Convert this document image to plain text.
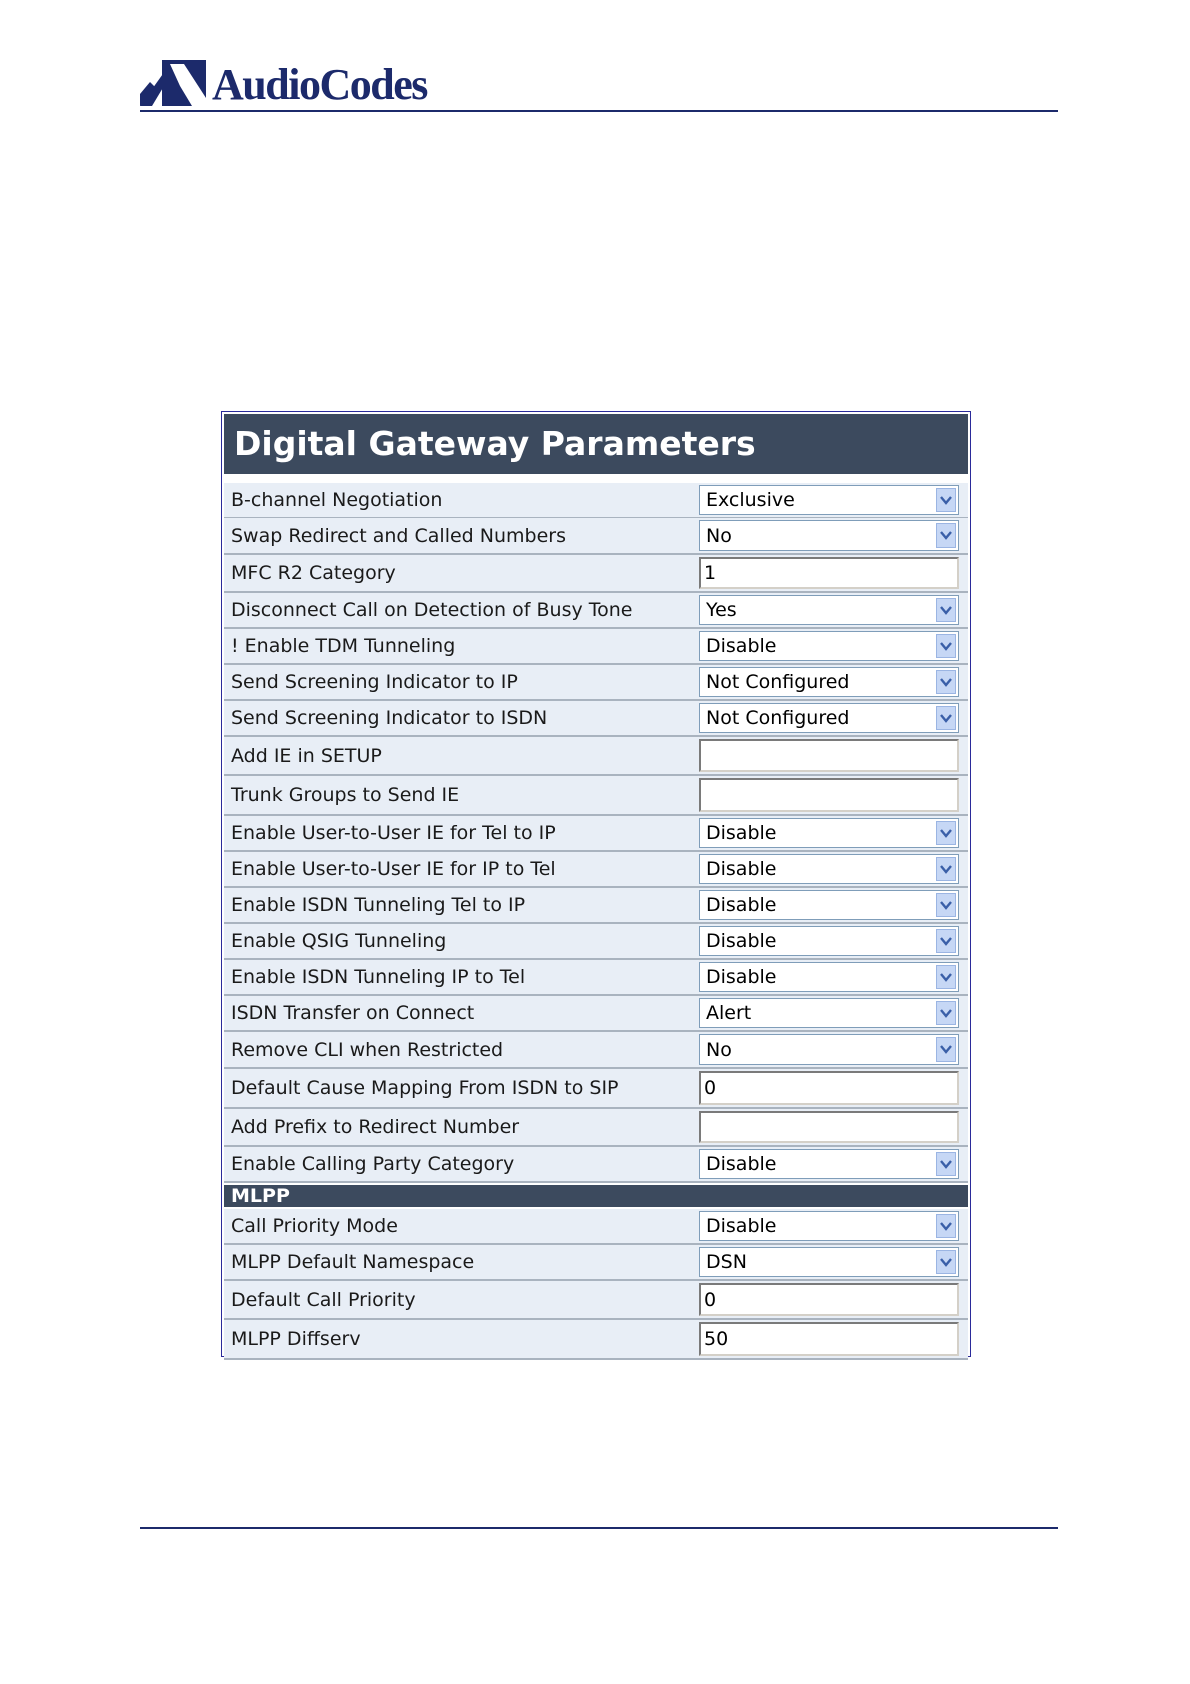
AudioCodes
Digital Gateway Parameters
B-channel Negotiation	Exclusive
Swap Redirect and Called Numbers	No
MFC R2 Category	1
Disconnect Call on Detection of Busy Tone	Yes
! Enable TDM Tunneling	Disable
Send Screening Indicator to IP	Not Configured
Send Screening Indicator to ISDN	Not Configured
Add IE in SETUP
Trunk Groups to Send IE
Enable User-to-User IE for Tel to IP	Disable
Enable User-to-User IE for IP to Tel	Disable
Enable ISDN Tunneling Tel to IP	Disable
Enable QSIG Tunneling	Disable
Enable ISDN Tunneling IP to Tel	Disable
ISDN Transfer on Connect	Alert
Remove CLI when Restricted	No
Default Cause Mapping From ISDN to SIP	0
Add Prefix to Redirect Number
Enable Calling Party Category	Disable
MLPP
Call Priority Mode	Disable
MLPP Default Namespace	DSN
Default Call Priority	0
MLPP Diffserv	50
